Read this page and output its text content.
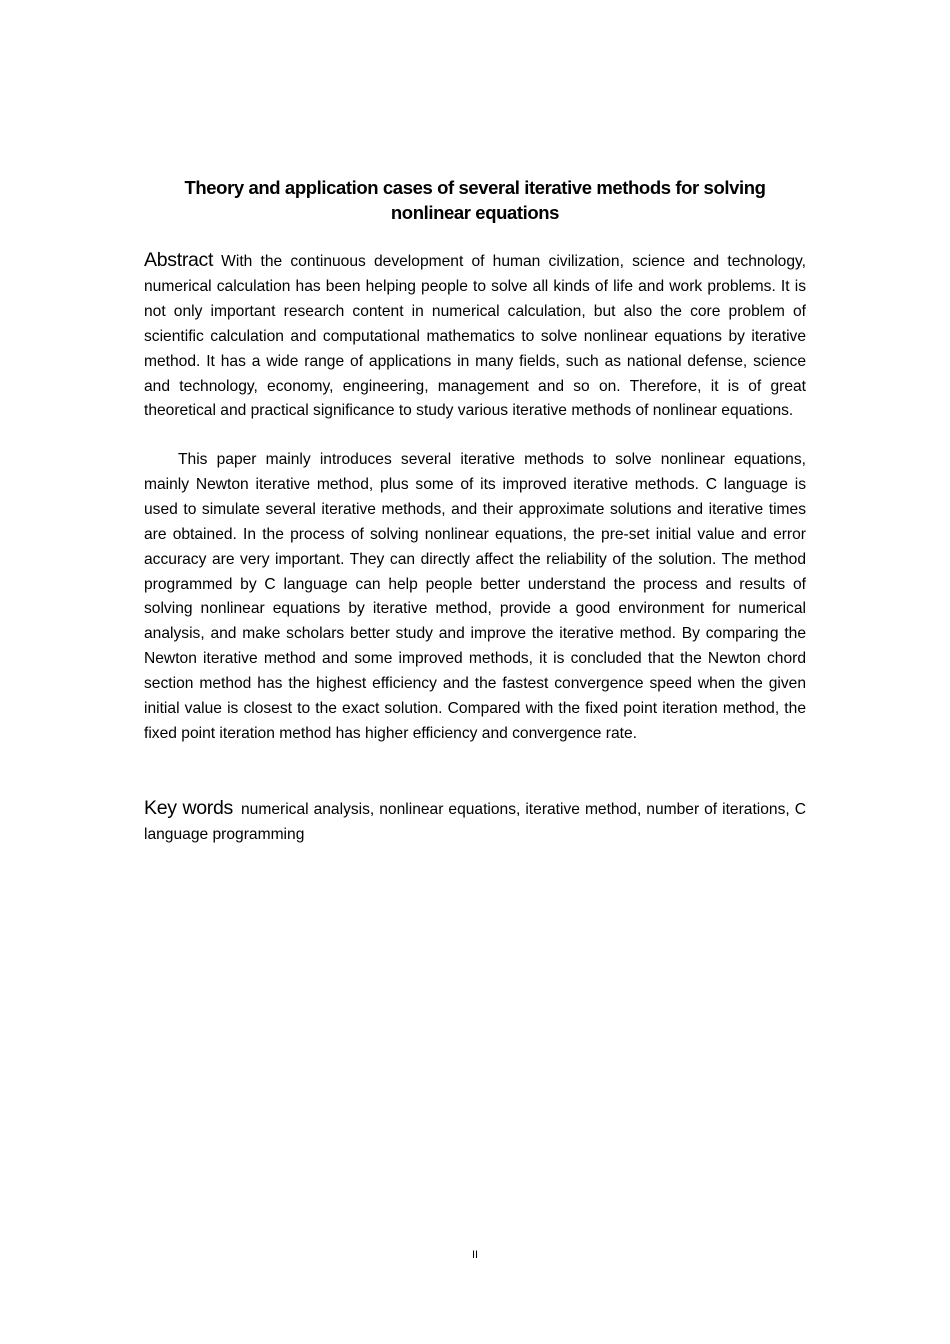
Theory and application cases of several iterative methods for solving
nonlinear equations

Abstract With the continuous development of human civilization, science and technology, numerical calculation has been helping people to solve all kinds of life and work problems. It is not only important research content in numerical calculation, but also the core problem of scientific calculation and computational mathematics to solve nonlinear equations by iterative method. It has a wide range of applications in many fields, such as national defense, science and technology, economy, engineering, management and so on. Therefore, it is of great theoretical and practical significance to study various iterative methods of nonlinear equations.

This paper mainly introduces several iterative methods to solve nonlinear equations, mainly Newton iterative method, plus some of its improved iterative methods. C language is used to simulate several iterative methods, and their approximate solutions and iterative times are obtained. In the process of solving nonlinear equations, the pre-set initial value and error accuracy are very important. They can directly affect the reliability of the solution. The method programmed by C language can help people better understand the process and results of solving nonlinear equations by iterative method, provide a good environment for numerical analysis, and make scholars better study and improve the iterative method. By comparing the Newton iterative method and some improved methods, it is concluded that the Newton chord section method has the highest efficiency and the fastest convergence speed when the given initial value is closest to the exact solution. Compared with the fixed point iteration method, the fixed point iteration method has higher efficiency and convergence rate.

Key words numerical analysis, nonlinear equations, iterative method, number of iterations, C language programming

II
